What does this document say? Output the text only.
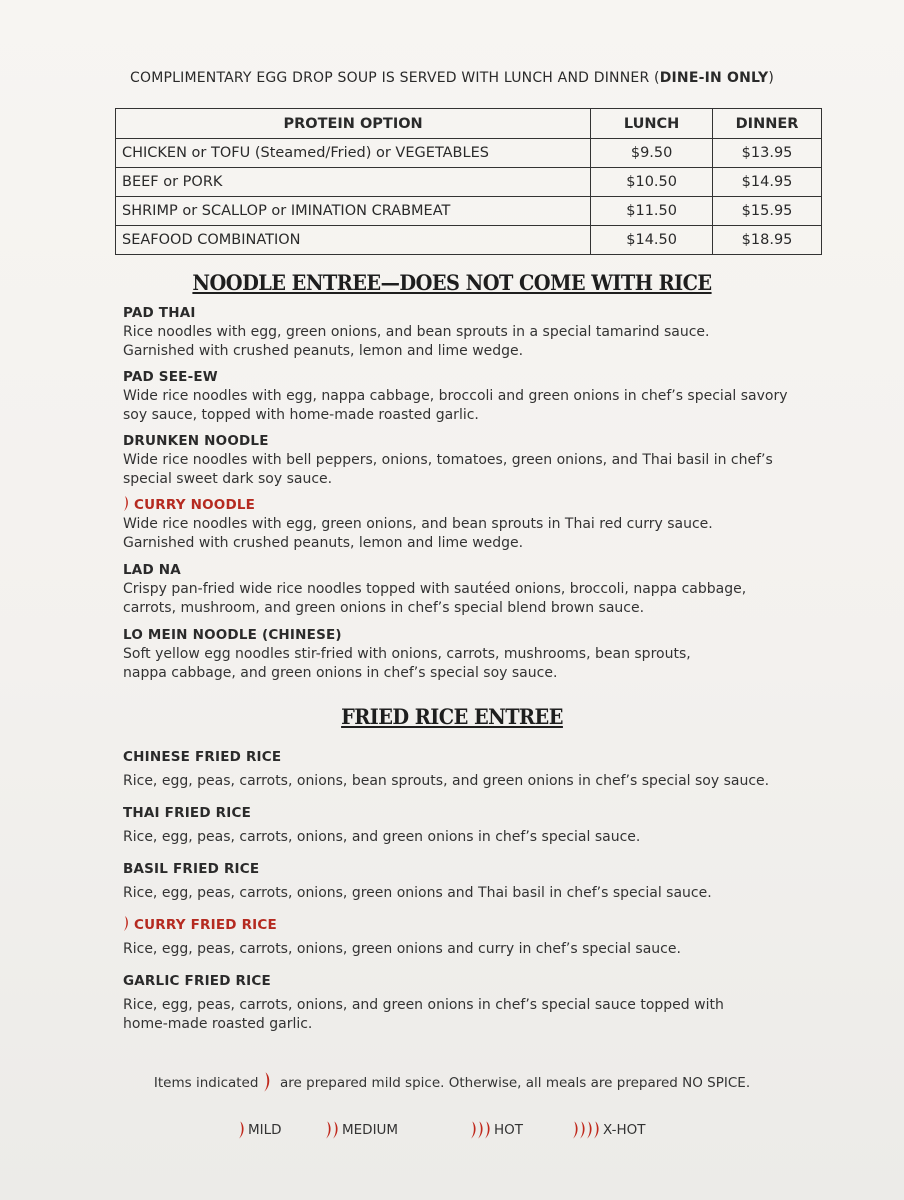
COMPLIMENTARY EGG DROP SOUP IS SERVED WITH LUNCH AND DINNER (DINE-IN ONLY)
PROTEIN OPTION	LUNCH	DINNER
CHICKEN or TOFU (Steamed/Fried) or VEGETABLES	$9.50	$13.95
BEEF or PORK	$10.50	$14.95
SHRIMP or SCALLOP or IMINATION CRABMEAT	$11.50	$15.95
SEAFOOD COMBINATION	$14.50	$18.95
NOODLE ENTREE—DOES NOT COME WITH RICE
PAD THAI
Rice noodles with egg, green onions, and bean sprouts in a special tamarind sauce.
Garnished with crushed peanuts, lemon and lime wedge.
PAD SEE-EW
Wide rice noodles with egg, nappa cabbage, broccoli and green onions in chef’s special savory
soy sauce, topped with home-made roasted garlic.
DRUNKEN NOODLE
Wide rice noodles with bell peppers, onions, tomatoes, green onions, and Thai basil in chef’s
special sweet dark soy sauce.
CURRY NOODLE
Wide rice noodles with egg, green onions, and bean sprouts in Thai red curry sauce.
Garnished with crushed peanuts, lemon and lime wedge.
LAD NA
Crispy pan-fried wide rice noodles topped with sautéed onions, broccoli, nappa cabbage,
carrots, mushroom, and green onions in chef’s special blend brown sauce.
LO MEIN NOODLE (CHINESE)
Soft yellow egg noodles stir-fried with onions, carrots, mushrooms, bean sprouts,
nappa cabbage, and green onions in chef’s special soy sauce.
FRIED RICE ENTREE
CHINESE FRIED RICE
Rice, egg, peas, carrots, onions, bean sprouts, and green onions in chef’s special soy sauce.
THAI FRIED RICE
Rice, egg, peas, carrots, onions, and green onions in chef’s special sauce.
BASIL FRIED RICE
Rice, egg, peas, carrots, onions, green onions and Thai basil in chef’s special sauce.
CURRY FRIED RICE
Rice, egg, peas, carrots, onions, green onions and curry in chef’s special sauce.
GARLIC FRIED RICE
Rice, egg, peas, carrots, onions, and green onions in chef’s special sauce topped with
home-made roasted garlic.
Items indicated are prepared mild spice. Otherwise, all meals are prepared NO SPICE.
MILD	MEDIUM	HOT	X-HOT
